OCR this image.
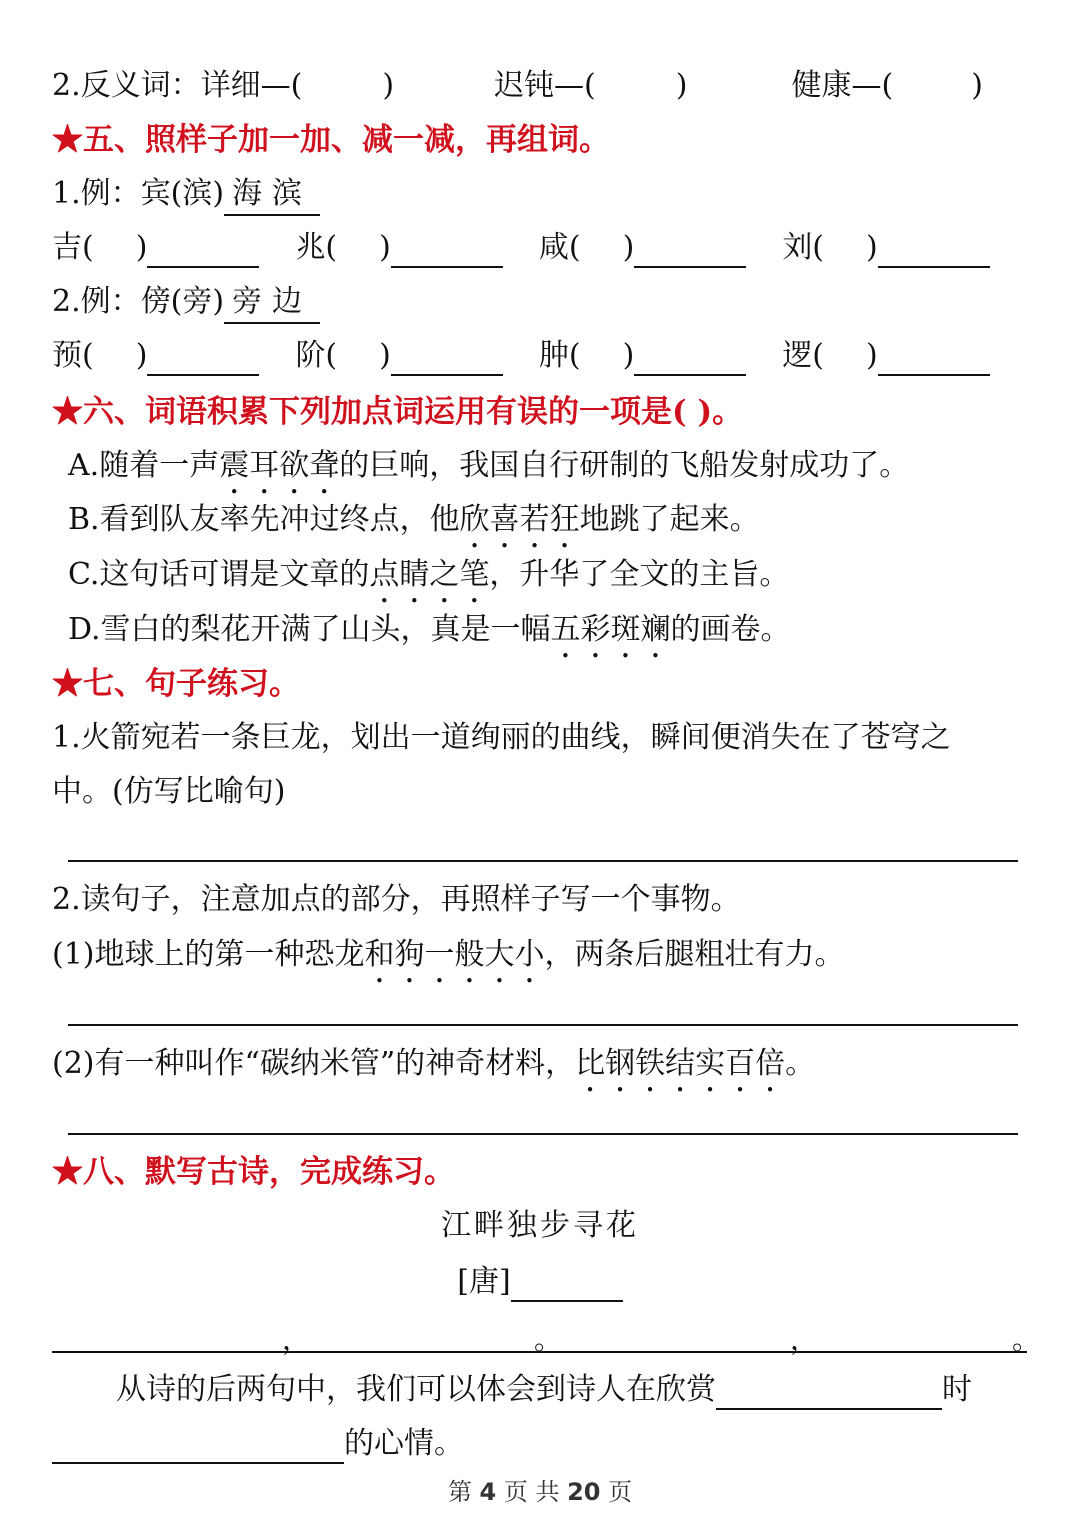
2.反义词： 详细—(	)	迟钝—(	)	健康—(	)
★五、照样子加一加、减一减，再组词。
1.例：宾(滨) 海滨
吉( )	兆( )	咸( )	刘( )
2.例：傍(旁) 旁边
预( )	阶( )	肿( )	逻( )
★六、词语积累下列加点词运用有误的一项是( )。
A.随着一声震耳欲聋的巨响，我国自行研制的飞船发射成功了。
B.看到队友率先冲过终点，他欣喜若狂地跳了起来。
C.这句话可谓是文章的点睛之笔，升华了全文的主旨。
D.雪白的梨花开满了山头，真是一幅五彩斑斓的画卷。
★七、句子练习。
1.火箭宛若一条巨龙，划出一道绚丽的曲线，瞬间便消失在了苍穹之
中。(仿写比喻句)
2.读句子，注意加点的部分，再照样子写一个事物。
(1)地球上的第一种恐龙和狗一般大小，两条后腿粗壮有力。
(2)有一种叫作“碳纳米管”的神奇材料，比钢铁结实百倍。
★八、默写古诗，完成练习。
江畔独步寻花
[唐]
，	。	，	。
从诗的后两句中，我们可以体会到诗人在欣赏	时
的心情。
第 4 页 共 20 页
